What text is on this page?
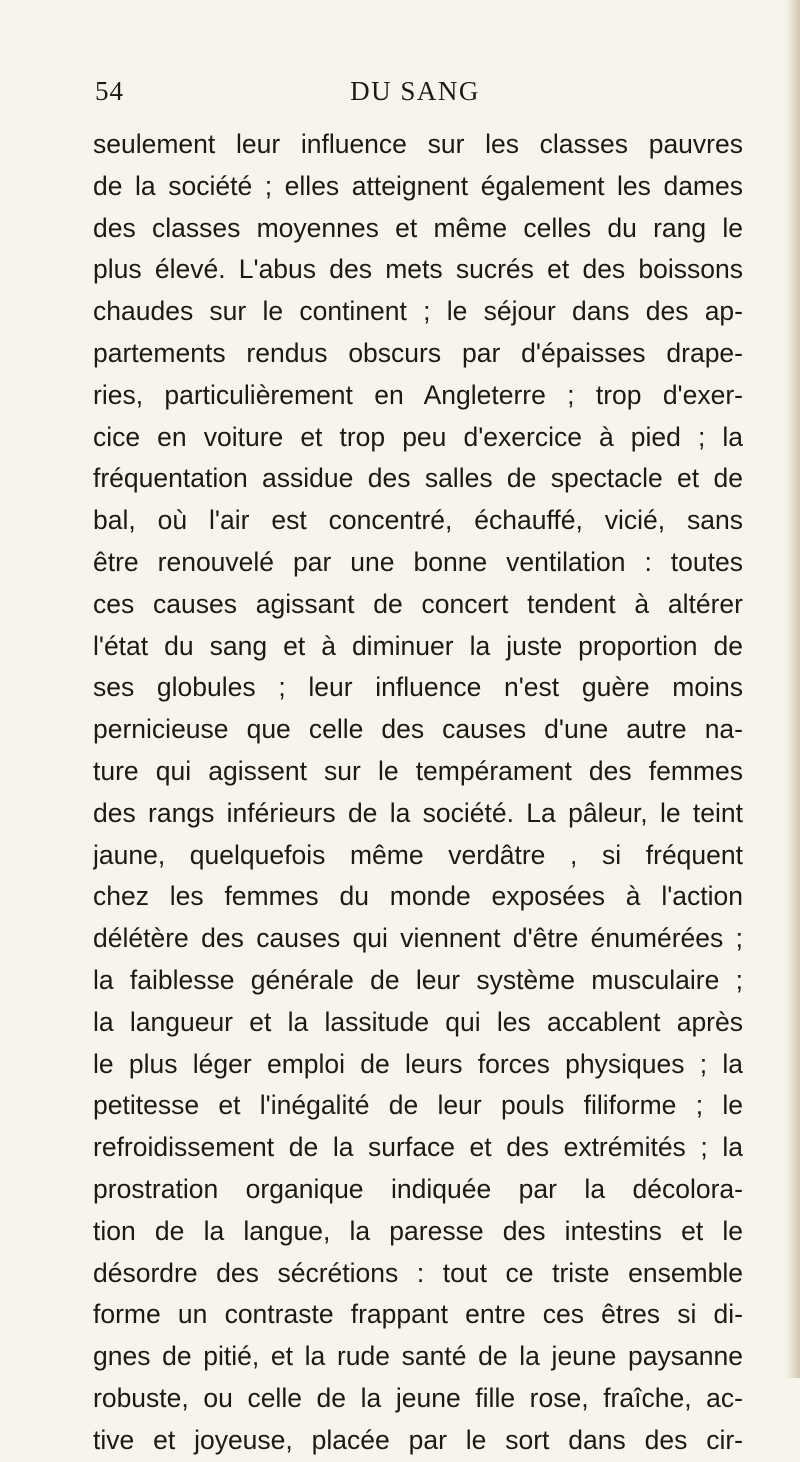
54	DU SANG
seulement leur influence sur les classes pauvres
de la société ; elles atteignent également les dames
des classes moyennes et même celles du rang le
plus élevé. L'abus des mets sucrés et des boissons
chaudes sur le continent ; le séjour dans des ap-
partements rendus obscurs par d'épaisses drape-
ries, particulièrement en Angleterre ; trop d'exer-
cice en voiture et trop peu d'exercice à pied ; la
fréquentation assidue des salles de spectacle et de
bal, où l'air est concentré, échauffé, vicié, sans
être renouvelé par une bonne ventilation : toutes
ces causes agissant de concert tendent à altérer
l'état du sang et à diminuer la juste proportion de
ses globules ; leur influence n'est guère moins
pernicieuse que celle des causes d'une autre na-
ture qui agissent sur le tempérament des femmes
des rangs inférieurs de la société. La pâleur, le teint
jaune, quelquefois même verdâtre , si fréquent
chez les femmes du monde exposées à l'action
délétère des causes qui viennent d'être énumérées ;
la faiblesse générale de leur système musculaire ;
la langueur et la lassitude qui les accablent après
le plus léger emploi de leurs forces physiques ; la
petitesse et l'inégalité de leur pouls filiforme ; le
refroidissement de la surface et des extrémités ; la
prostration organique indiquée par la décolora-
tion de la langue, la paresse des intestins et le
désordre des sécrétions : tout ce triste ensemble
forme un contraste frappant entre ces êtres si di-
gnes de pitié, et la rude santé de la jeune paysanne
robuste, ou celle de la jeune fille rose, fraîche, ac-
tive et joyeuse, placée par le sort dans des cir-
